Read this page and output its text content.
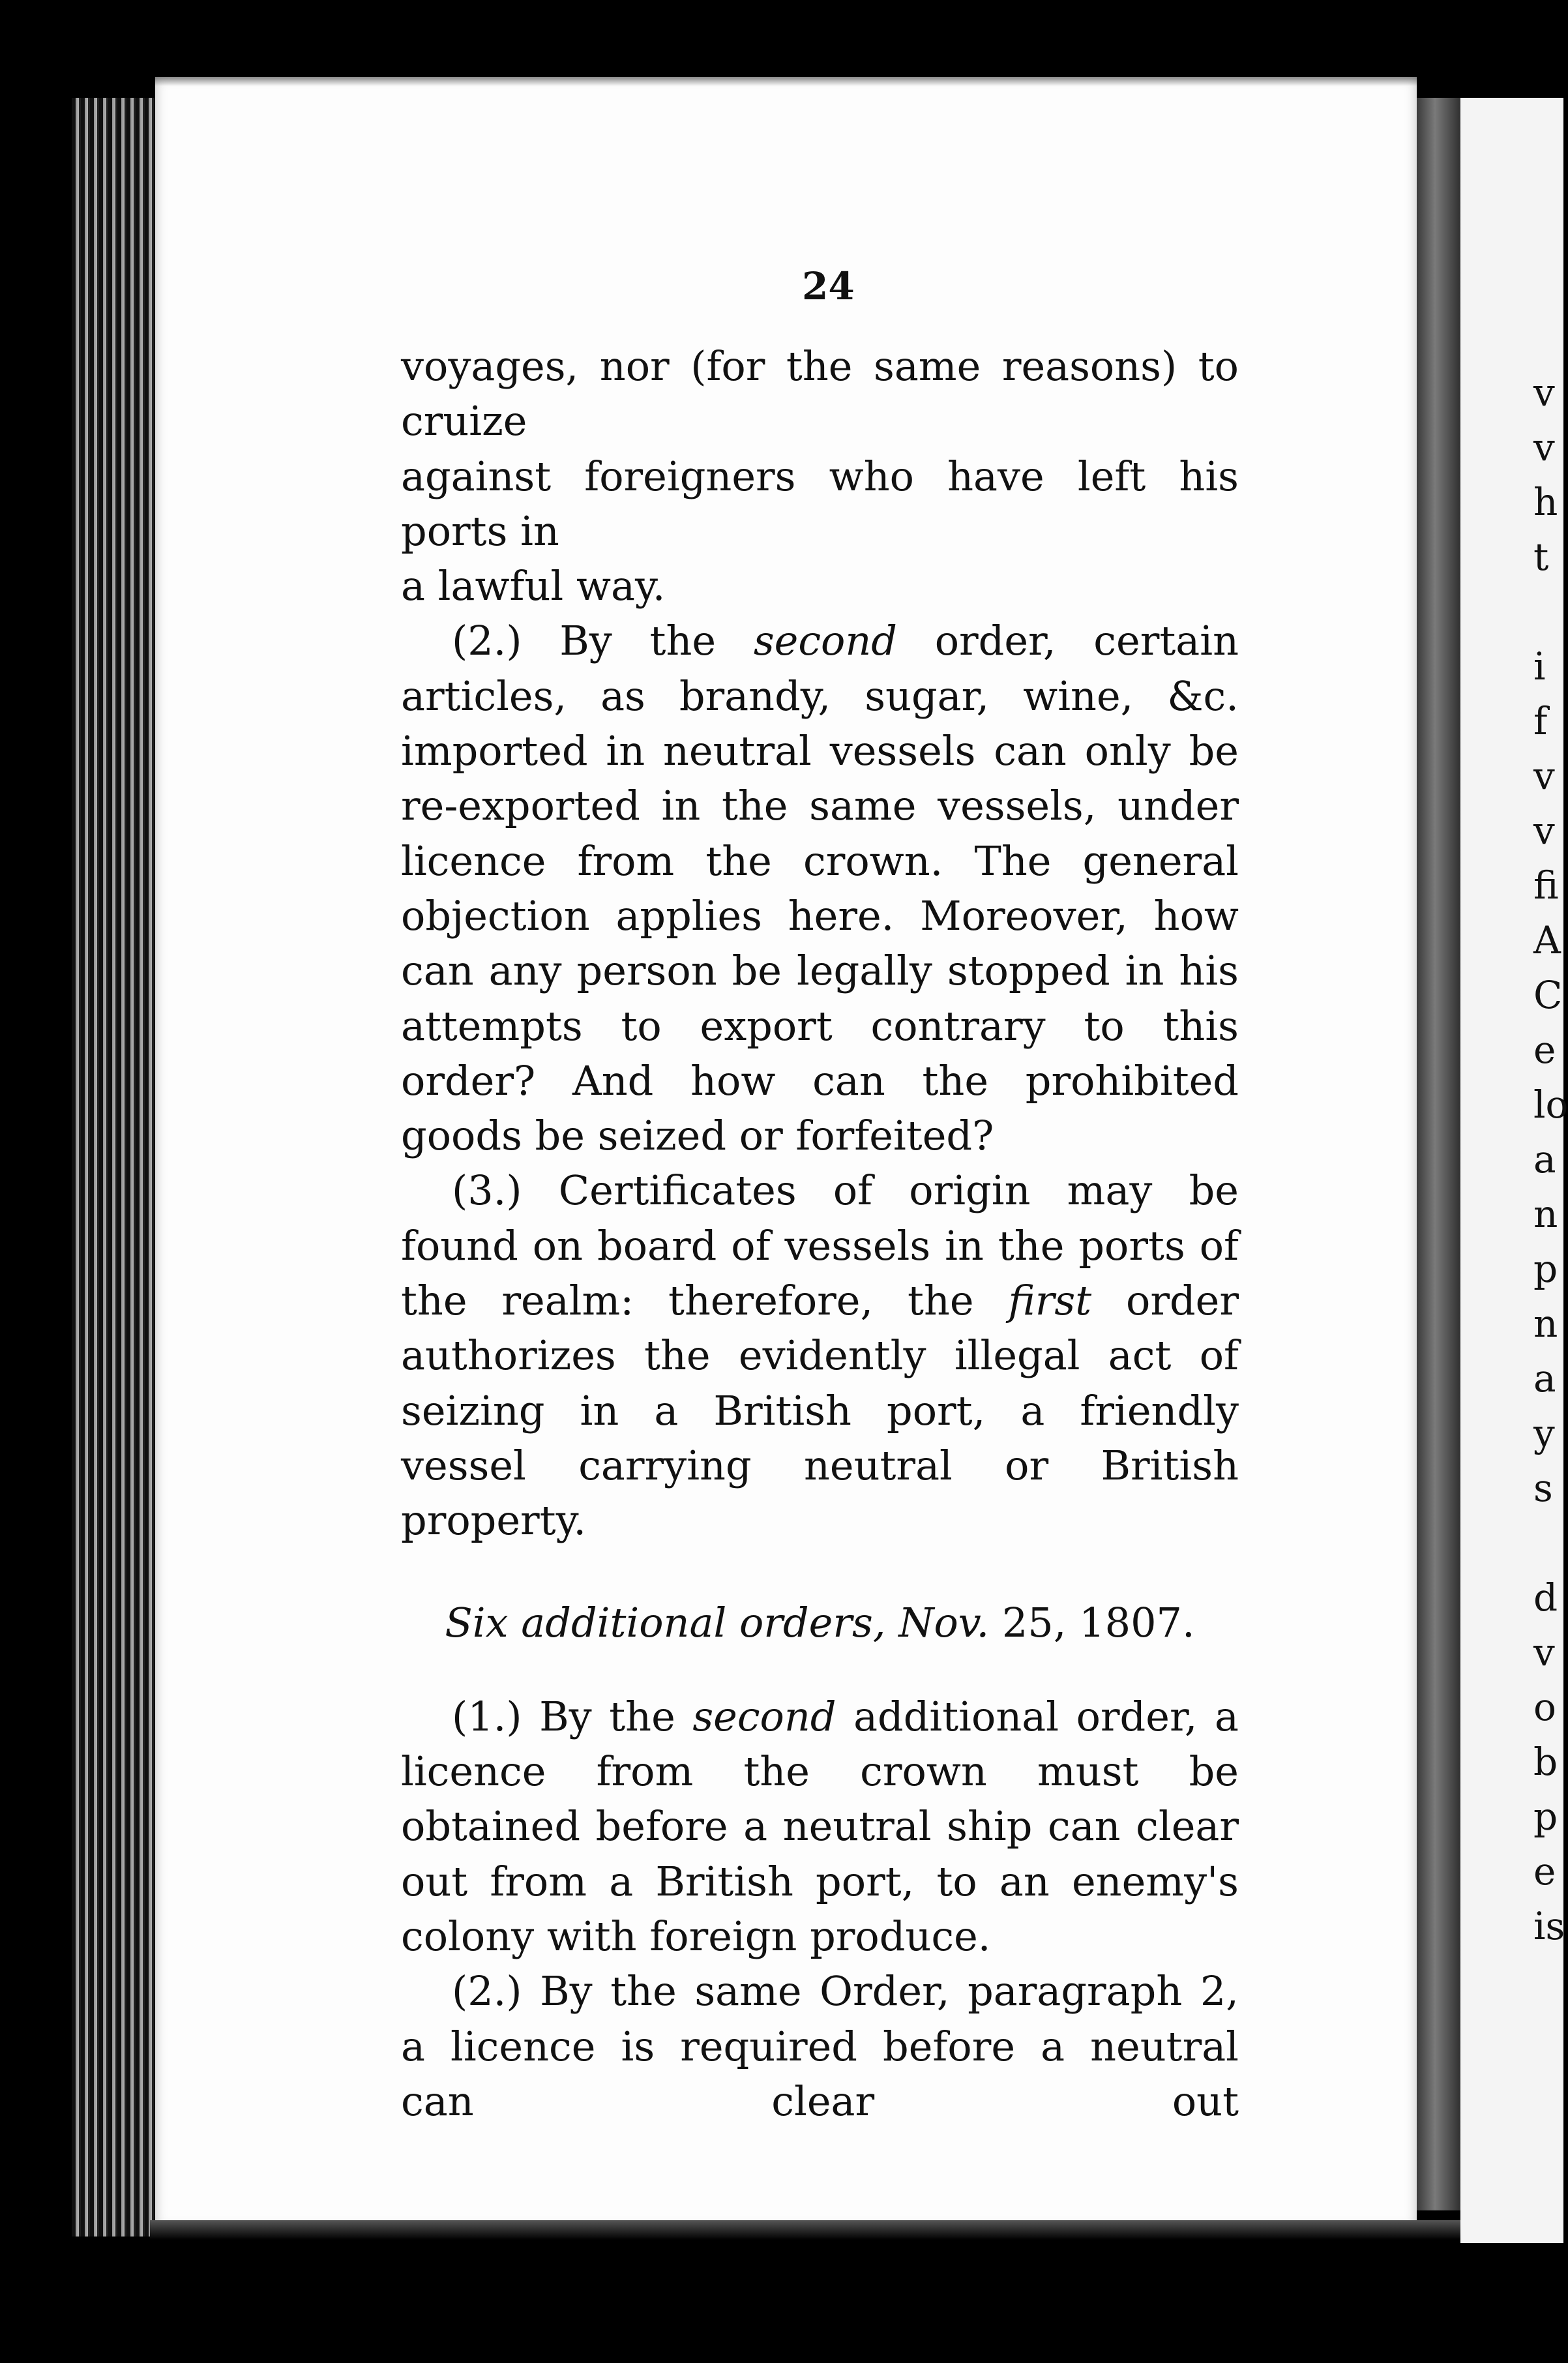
24

voyages, nor (for the same reasons) to cruize
against foreigners who have left his ports in
a lawful way.

(2.) By the second order, certain articles, as brandy, sugar, wine, &c. imported in neutral vessels can only be re-exported in the same vessels, under licence from the crown. The general objection applies here. Moreover, how can any person be legally stopped in his attempts to export contrary to this order? And how can the prohibited goods be seized or forfeited?

(3.) Certificates of origin may be found on board of vessels in the ports of the realm: therefore, the first order authorizes the evidently illegal act of seizing in a British port, a friendly vessel carrying neutral or British property.

Six additional orders, Nov. 25, 1807.

(1.) By the second additional order, a licence from the crown must be obtained before a neutral ship can clear out from a British port, to an enemy's colony with foreign produce.

(2.) By the same Order, paragraph 2, a licence is required before a neutral can clear out

v
v
h
t
i
f
v
v
fi
A
C
e
lo
a
n
p
n
a
y
s
d
v
o
b
p
e
is
